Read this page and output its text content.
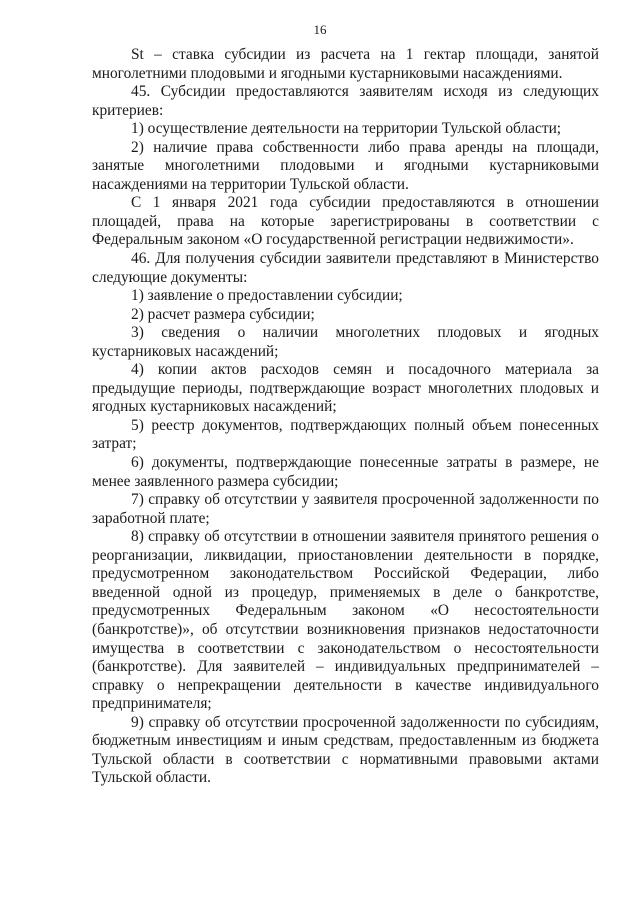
16

St – ставка субсидии из расчета на 1 гектар площади, занятой многолетними плодовыми и ягодными кустарниковыми насаждениями.

45. Субсидии предоставляются заявителям исходя из следующих критериев:

1) осуществление деятельности на территории Тульской области;

2) наличие права собственности либо права аренды на площади, занятые многолетними плодовыми и ягодными кустарниковыми насаждениями на территории Тульской области.

С 1 января 2021 года субсидии предоставляются в отношении площадей, права на которые зарегистрированы в соответствии с Федеральным законом «О государственной регистрации недвижимости».

46. Для получения субсидии заявители представляют в Министерство следующие документы:

1) заявление о предоставлении субсидии;

2) расчет размера субсидии;

3) сведения о наличии многолетних плодовых и ягодных кустарниковых насаждений;

4) копии актов расходов семян и посадочного материала за предыдущие периоды, подтверждающие возраст многолетних плодовых и ягодных кустарниковых насаждений;

5) реестр документов, подтверждающих полный объем понесенных затрат;

6) документы, подтверждающие понесенные затраты в размере, не менее заявленного размера субсидии;

7) справку об отсутствии у заявителя просроченной задолженности по заработной плате;

8) справку об отсутствии в отношении заявителя принятого решения о реорганизации, ликвидации, приостановлении деятельности в порядке, предусмотренном законодательством Российской Федерации, либо введенной одной из процедур, применяемых в деле о банкротстве, предусмотренных Федеральным законом «О несостоятельности (банкротстве)», об отсутствии возникновения признаков недостаточности имущества в соответствии с законодательством о несостоятельности (банкротстве). Для заявителей – индивидуальных предпринимателей – справку о непрекращении деятельности в качестве индивидуального предпринимателя;

9) справку об отсутствии просроченной задолженности по субсидиям, бюджетным инвестициям и иным средствам, предоставленным из бюджета Тульской области в соответствии с нормативными правовыми актами Тульской области.
